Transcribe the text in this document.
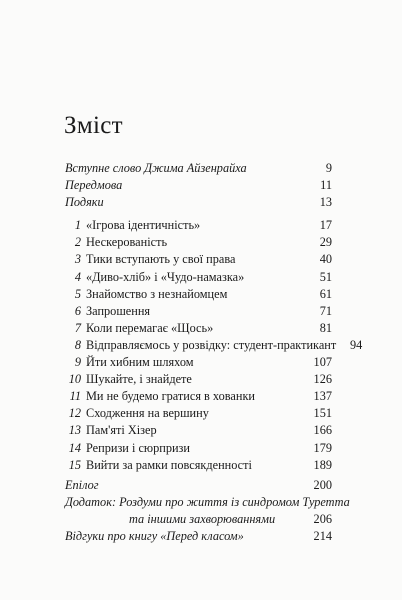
Зміст
Вступне слово Джима Айзенрайха	9
Передмова	11
Подяки	13
1 «Ігрова ідентичність»	17
2 Нескерованість	29
3 Тики вступають у свої права	40
4 «Диво-хліб» і «Чудо-намазка»	51
5 Знайомство з незнайомцем	61
6 Запрошення	71
7 Коли перемагає «Щось»	81
8 Відправляємось у розвідку: студент-практикант	94
9 Йти хибним шляхом	107
10 Шукайте, і знайдете	126
11 Ми не будемо гратися в хованки	137
12 Сходження на вершину	151
13 Пам'яті Хізер	166
14 Репризи і сюрпризи	179
15 Вийти за рамки повсякденності	189
Епілог	200
Додаток: Роздуми про життя із синдромом Туретта
та іншими захворюваннями	206
Відгуки про книгу «Перед класом»	214
